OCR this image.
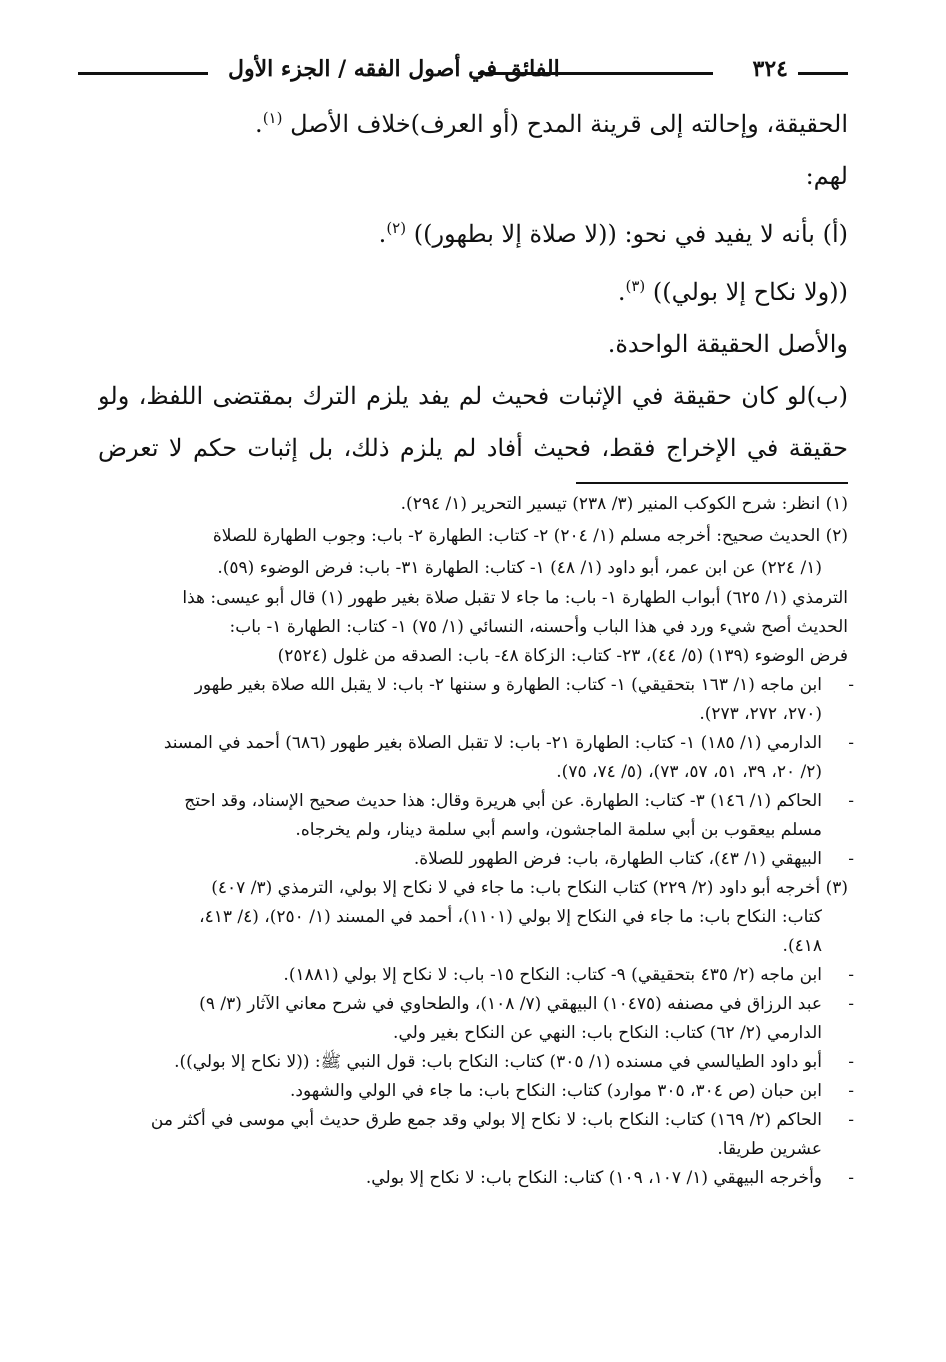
٣٢٤
الفائق في أصول الفقه / الجزء الأول
الحقيقة، وإحالته إلى قرينة المدح (أو العرف)خلاف الأصل $^{(١)}$.
لهم:
(أ) بأنه لا يفيد في نحو: ((لا صلاة إلا بطهور)) $^{(٢)}$.
((ولا نكاح إلا بولي)) $^{(٣)}$.
والأصل الحقيقة الواحدة.
(ب)لو كان حقيقة في الإثبات فحيث لم يفد يلزم الترك بمقتضى اللفظ، ولو
حقيقة في الإخراج فقط، فحيث أفاد لم يلزم ذلك، بل إثبات حكم لا تعرض
(١) انظر: شرح الكوكب المنير (٣/ ٢٣٨) تيسير التحرير (١/ ٢٩٤).
(٢) الحديث صحيح: أخرجه مسلم (١/ ٢٠٤) ٢- كتاب: الطهارة ٢- باب: وجوب الطهارة للصلاة
(١/ ٢٢٤) عن ابن عمر، أبو داود (١/ ٤٨) ١- كتاب: الطهارة ٣١- باب: فرض الوضوء (٥٩).
الترمذي (١/ ٦٢٥) أبواب الطهارة ١- باب: ما جاء لا تقبل صلاة بغير طهور (١) قال أبو عيسى: هذا
الحديث أصح شيء ورد في هذا الباب وأحسنه، النسائي (١/ ٧٥) ١- كتاب: الطهارة ١- باب:
فرض الوضوء (١٣٩) (٥/ ٤٤)، ٢٣- كتاب: الزكاة ٤٨- باب: الصدقه من غلول (٢٥٢٤)
-
ابن ماجه (١/ ١٦٣ بتحقيقي) ١- كتاب: الطهارة و سننها ٢- باب: لا يقبل الله صلاة بغير طهور
(٢٧٠، ٢٧٢، ٢٧٣).
-
الدارمي (١/ ١٨٥) ١- كتاب: الطهارة ٢١- باب: لا تقبل الصلاة بغير طهور (٦٨٦) أحمد في المسند
(٢/ ٢٠، ٣٩، ٥١، ٥٧، ٧٣)، (٥/ ٧٤، ٧٥).
-
الحاكم (١/ ١٤٦) ٣- كتاب: الطهارة. عن أبي هريرة وقال: هذا حديث صحيح الإسناد، وقد احتج
مسلم بيعقوب بن أبي سلمة الماجشون، واسم أبي سلمة دينار، ولم يخرجاه.
-
البيهقي (١/ ٤٣)، كتاب الطهارة، باب: فرض الطهور للصلاة.
(٣) أخرجه أبو داود (٢/ ٢٢٩) كتاب النكاح باب: ما جاء في لا نكاح إلا بولي، الترمذي (٣/ ٤٠٧)
كتاب: النكاح باب: ما جاء في النكاح إلا بولي (١١٠١)، أحمد في المسند (١/ ٢٥٠)، (٤/ ٤١٣،
٤١٨).
-
ابن ماجه (٢/ ٤٣٥ بتحقيقي) ٩- كتاب: النكاح ١٥- باب: لا نكاح إلا بولي (١٨٨١).
-
عبد الرزاق في مصنفه (١٠٤٧٥) البيهقي (٧/ ١٠٨)، والطحاوي في شرح معاني الآثار (٣/ ٩)
الدارمي (٢/ ٦٢) كتاب: النكاح باب: النهي عن النكاح بغير ولي.
-
أبو داود الطيالسي في مسنده (١/ ٣٠٥) كتاب: النكاح باب: قول النبي ﷺ: ((لا نكاح إلا بولي)).
-
ابن حبان (ص ٣٠٤، ٣٠٥ موارد) كتاب: النكاح باب: ما جاء في الولي والشهود.
-
الحاكم (٢/ ١٦٩) كتاب: النكاح باب: لا نكاح إلا بولي وقد جمع طرق حديث أبي موسى في أكثر من
عشرين طريقا.
-
وأخرجه البيهقي (١/ ١٠٧، ١٠٩) كتاب: النكاح باب: لا نكاح إلا بولي.
